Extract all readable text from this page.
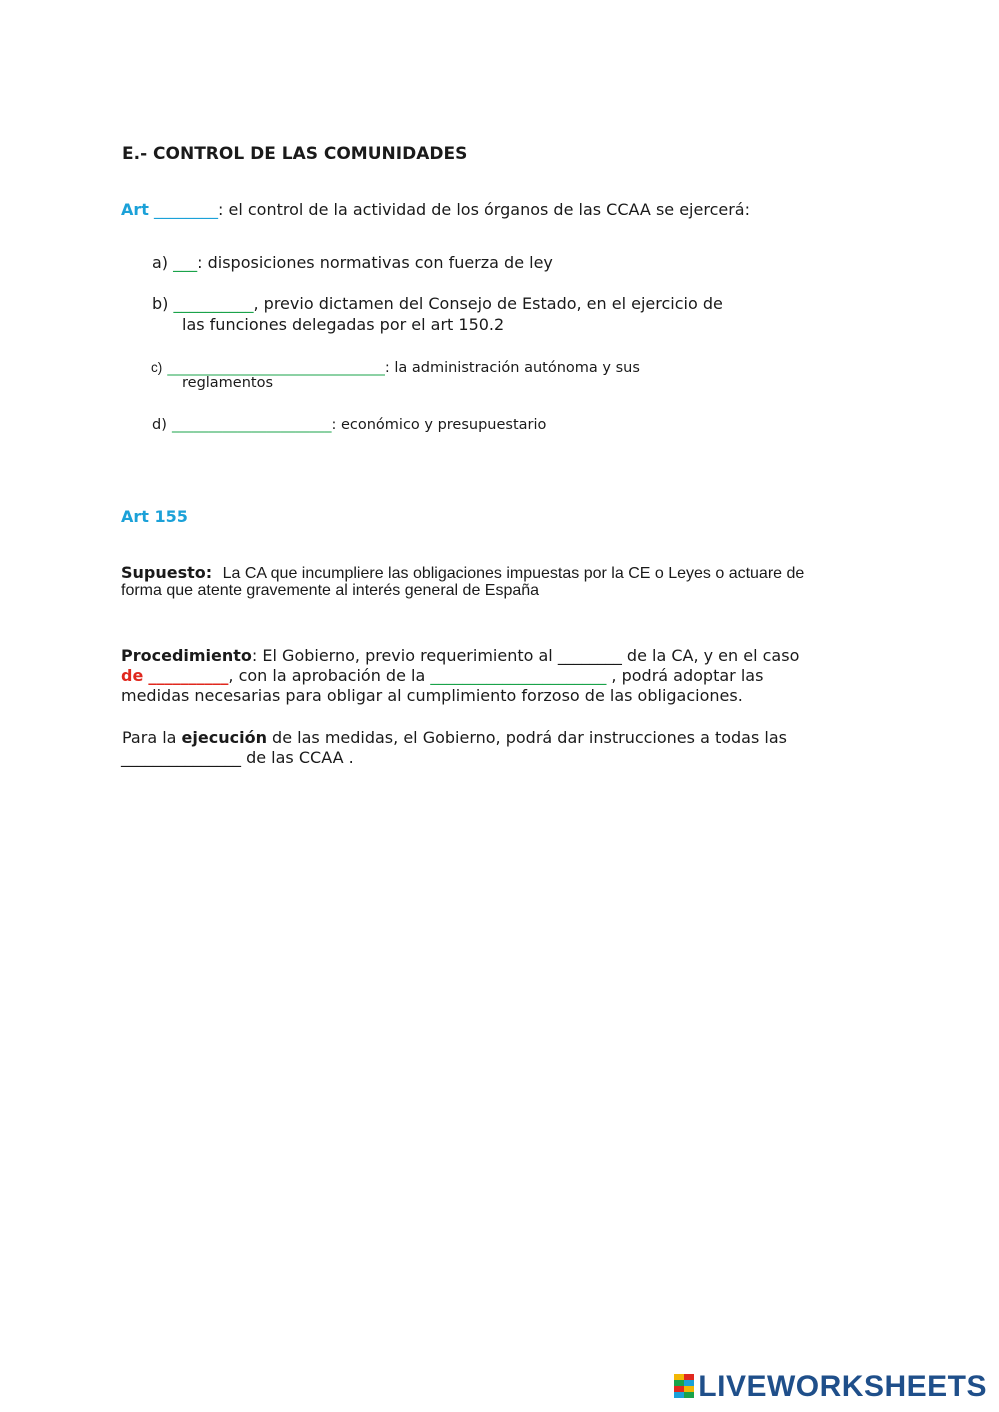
E.- CONTROL DE LAS COMUNIDADES
Art ________: el control de la actividad de los órganos de las CCAA se ejercerá:
a) ___: disposiciones normativas con fuerza de ley
b) __________, previo dictamen del Consejo de Estado, en el ejercicio de
las funciones delegadas por el art 150.2
c) ______________________________: la administración autónoma y sus
reglamentos
d) ______________________: económico y presupuestario
Art 155
Supuesto: La CA que incumpliere las obligaciones impuestas por la CE o Leyes o actuare de
forma que atente gravemente al interés general de España
Procedimiento: El Gobierno, previo requerimiento al ________ de la CA, y en el caso
de __________, con la aprobación de la ______________________ , podrá adoptar las
medidas necesarias para obligar al cumplimiento forzoso de las obligaciones.
Para la ejecución de las medidas, el Gobierno, podrá dar instrucciones a todas las
_______________ de las CCAA .
LIVEWORKSHEETS
